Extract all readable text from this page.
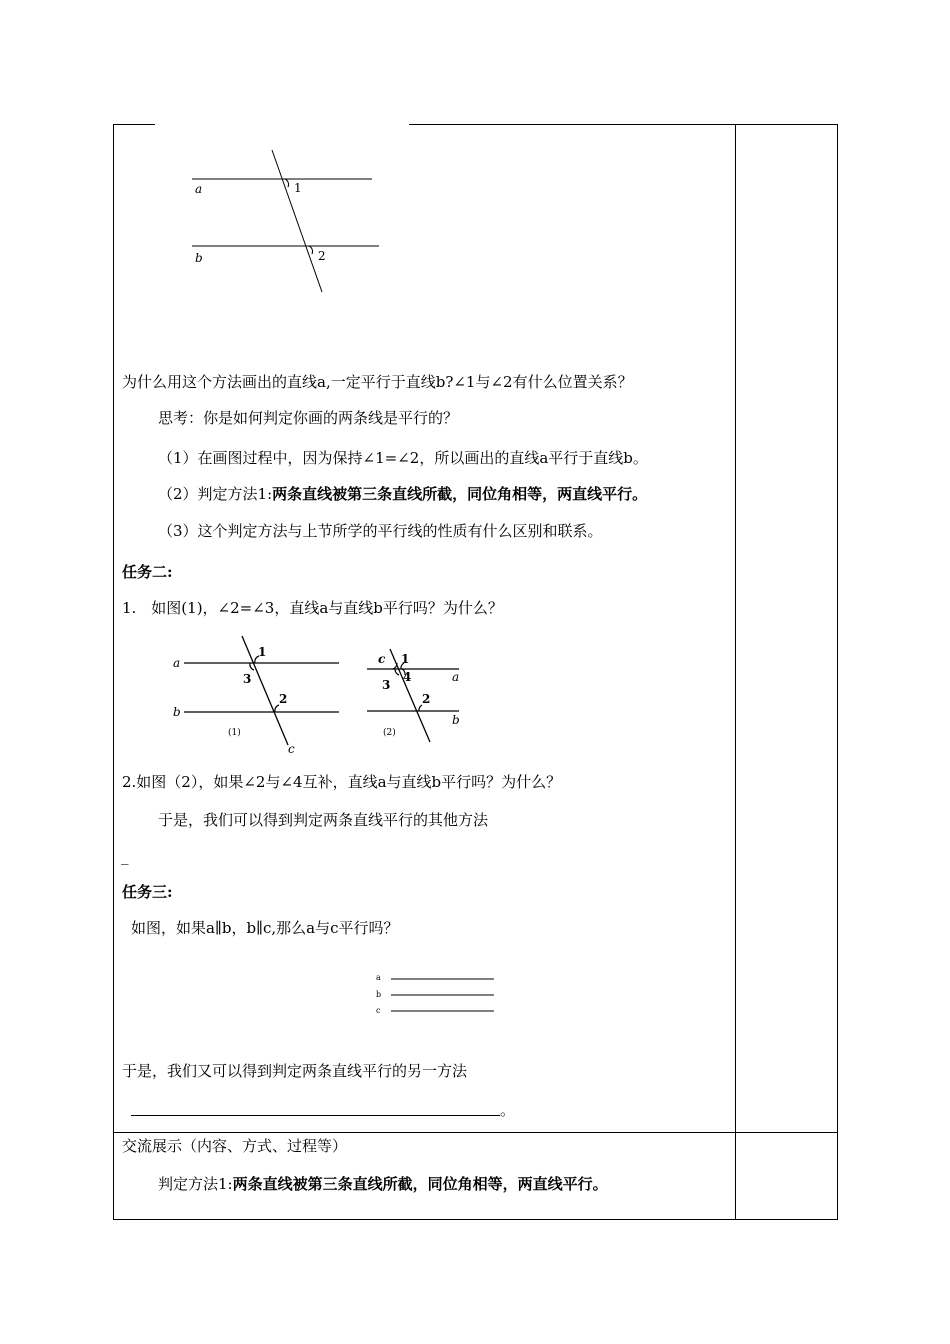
a
b
1
2
为什么用这个方法画出的直线a,一定平行于直线b?∠1与∠2有什么位置关系？
思考：你是如何判定你画的两条线是平行的？
（1）在画图过程中，因为保持∠1=∠2，所以画出的直线a平行于直线b。
（2）判定方法1:两条直线被第三条直线所截，同位角相等，两直线平行。
（3）这个判定方法与上节所学的平行线的性质有什么区别和联系。
任务二:
1.　如图(1)，∠2=∠3，直线a与直线b平行吗？为什么？
a
b
c
1
3
2
(1)
c 1
3
4	a
2
b
(2)
2.如图（2），如果∠2与∠4互补，直线a与直线b平行吗？为什么？
于是，我们可以得到判定两条直线平行的其他方法
_
任务三:
如图，如果a∥b，b∥c,那么a与c平行吗？
a
b
c
于是，我们又可以得到判定两条直线平行的另一方法
。
交流展示（内容、方式、过程等）
判定方法1:两条直线被第三条直线所截，同位角相等，两直线平行。
